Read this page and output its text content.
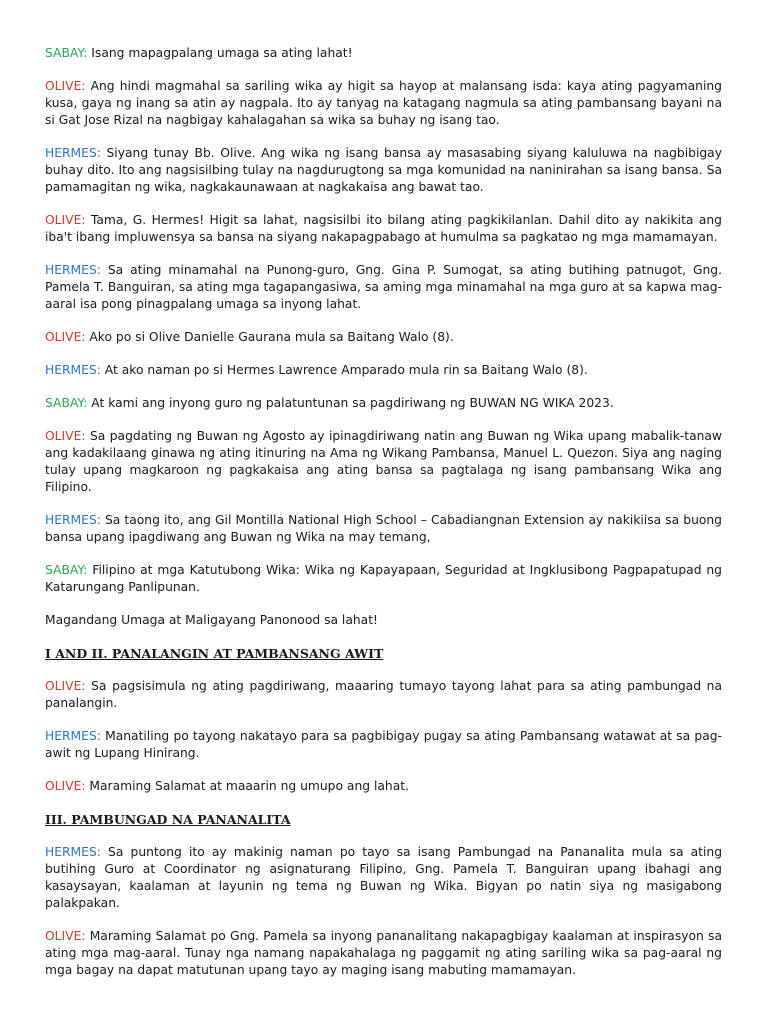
SABAY: Isang mapagpalang umaga sa ating lahat!

OLIVE: Ang hindi magmahal sa sariling wika ay higit sa hayop at malansang isda: kaya ating pagyamaning kusa, gaya ng inang sa atin ay nagpala. Ito ay tanyag na katagang nagmula sa ating pambansang bayani na si Gat Jose Rizal na nagbigay kahalagahan sa wika sa buhay ng isang tao.

HERMES: Siyang tunay Bb. Olive. Ang wika ng isang bansa ay masasabing siyang kaluluwa na nagbibigay buhay dito. Ito ang nagsisilbing tulay na nagdurugtong sa mga komunidad na naninirahan sa isang bansa. Sa pamamagitan ng wika, nagkakaunawaan at nagkakaisa ang bawat tao.

OLIVE: Tama, G. Hermes! Higit sa lahat, nagsisilbi ito bilang ating pagkikilanlan. Dahil dito ay nakikita ang iba't ibang impluwensya sa bansa na siyang nakapagpabago at humulma sa pagkatao ng mga mamamayan.

HERMES: Sa ating minamahal na Punong-guro, Gng. Gina P. Sumogat, sa ating butihing patnugot, Gng. Pamela T. Banguiran, sa ating mga tagapangasiwa, sa aming mga minamahal na mga guro at sa kapwa mag-aaral isa pong pinagpalang umaga sa inyong lahat.

OLIVE: Ako po si Olive Danielle Gaurana mula sa Baitang Walo (8).

HERMES: At ako naman po si Hermes Lawrence Amparado mula rin sa Baitang Walo (8).

SABAY: At kami ang inyong guro ng palatuntunan sa pagdiriwang ng BUWAN NG WIKA 2023.

OLIVE: Sa pagdating ng Buwan ng Agosto ay ipinagdiriwang natin ang Buwan ng Wika upang mabalik-tanaw ang kadakilaang ginawa ng ating itinuring na Ama ng Wikang Pambansa, Manuel L. Quezon. Siya ang naging tulay upang magkaroon ng pagkakaisa ang ating bansa sa pagtalaga ng isang pambansang Wika ang Filipino.

HERMES: Sa taong ito, ang Gil Montilla National High School – Cabadiangnan Extension ay nakikiisa sa buong bansa upang ipagdiwang ang Buwan ng Wika na may temang,

SABAY: Filipino at mga Katutubong Wika: Wika ng Kapayapaan, Seguridad at Ingklusibong Pagpapatupad ng Katarungang Panlipunan.

Magandang Umaga at Maligayang Panonood sa lahat!

I AND II. PANALANGIN AT PAMBANSANG AWIT

OLIVE: Sa pagsisimula ng ating pagdiriwang, maaaring tumayo tayong lahat para sa ating pambungad na panalangin.

HERMES: Manatiling po tayong nakatayo para sa pagbibigay pugay sa ating Pambansang watawat at sa pag-awit ng Lupang Hinirang.

OLIVE: Maraming Salamat at maaarin ng umupo ang lahat.

III. PAMBUNGAD NA PANANALITA

HERMES: Sa puntong ito ay makinig naman po tayo sa isang Pambungad na Pananalita mula sa ating butihing Guro at Coordinator ng asignaturang Filipino, Gng. Pamela T. Banguiran upang ibahagi ang kasaysayan, kaalaman at layunin ng tema ng Buwan ng Wika. Bigyan po natin siya ng masigabong palakpakan.

OLIVE: Maraming Salamat po Gng. Pamela sa inyong pananalitang nakapagbigay kaalaman at inspirasyon sa ating mga mag-aaral. Tunay nga namang napakahalaga ng paggamit ng ating sariling wika sa pag-aaral ng mga bagay na dapat matutunan upang tayo ay maging isang mabuting mamamayan.
